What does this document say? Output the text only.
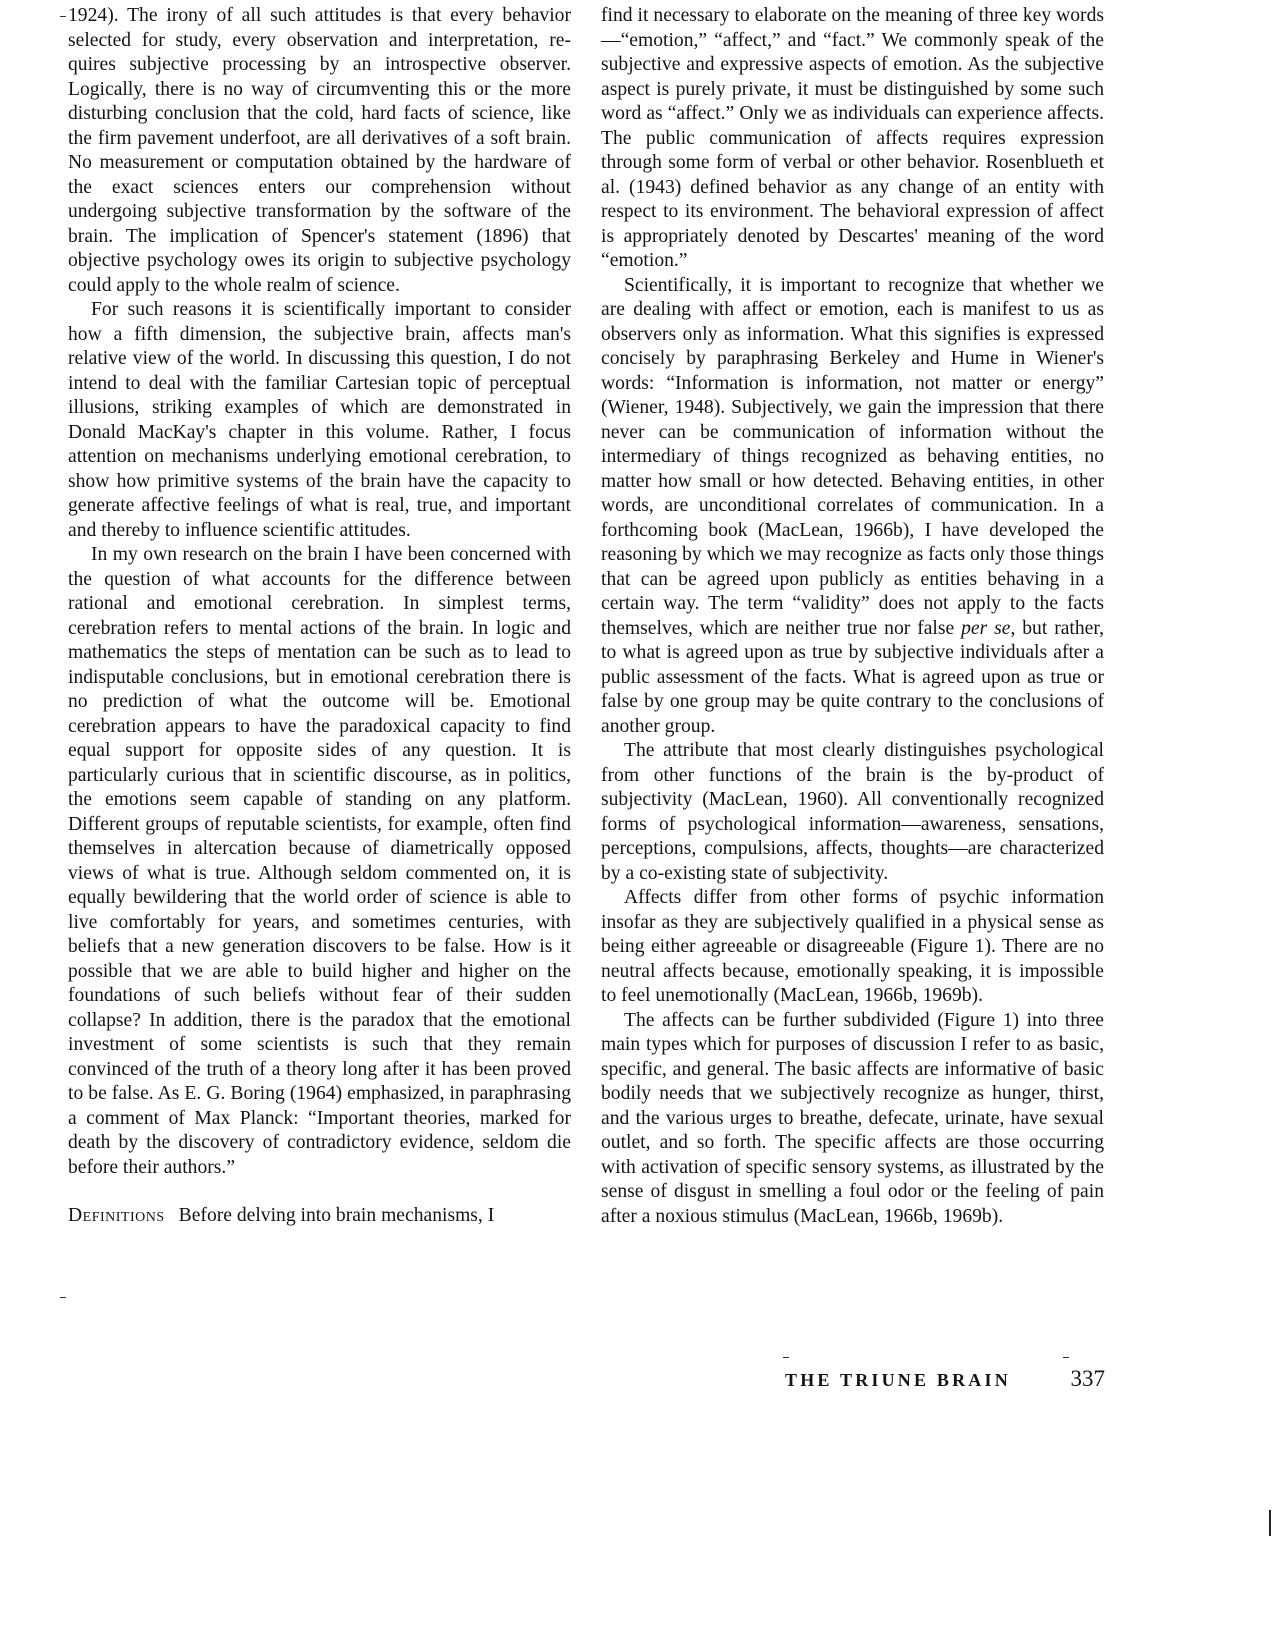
1924). The irony of all such attitudes is that every behavior selected for study, every observation and interpretation, requires subjective processing by an introspective observer. Logically, there is no way of circumventing this or the more disturbing conclusion that the cold, hard facts of science, like the firm pavement underfoot, are all derivatives of a soft brain. No measurement or computation obtained by the hardware of the exact sciences enters our comprehension without undergoing subjective transformation by the software of the brain. The implication of Spencer's statement (1896) that objective psychology owes its origin to subjective psychology could apply to the whole realm of science.

For such reasons it is scientifically important to consider how a fifth dimension, the subjective brain, affects man's relative view of the world. In discussing this question, I do not intend to deal with the familiar Cartesian topic of perceptual illusions, striking examples of which are demonstrated in Donald MacKay's chapter in this volume. Rather, I focus attention on mechanisms underlying emotional cerebration, to show how primitive systems of the brain have the capacity to generate affective feelings of what is real, true, and important and thereby to influence scientific attitudes.

In my own research on the brain I have been concerned with the question of what accounts for the difference between rational and emotional cerebration. In simplest terms, cerebration refers to mental actions of the brain. In logic and mathematics the steps of mentation can be such as to lead to indisputable conclusions, but in emotional cerebration there is no prediction of what the outcome will be. Emotional cerebration appears to have the paradoxical capacity to find equal support for opposite sides of any question. It is particularly curious that in scientific discourse, as in politics, the emotions seem capable of standing on any platform. Different groups of reputable scientists, for example, often find themselves in altercation because of diametrically opposed views of what is true. Although seldom commented on, it is equally bewildering that the world order of science is able to live comfortably for years, and sometimes centuries, with beliefs that a new generation discovers to be false. How is it possible that we are able to build higher and higher on the foundations of such beliefs without fear of their sudden collapse? In addition, there is the paradox that the emotional investment of some scientists is such that they remain convinced of the truth of a theory long after it has been proved to be false. As E. G. Boring (1964) emphasized, in paraphrasing a comment of Max Planck: “Important theories, marked for death by the discovery of contradictory evidence, seldom die before their authors.”

Definitions Before delving into brain mechanisms, I

find it necessary to elaborate on the meaning of three key words—“emotion,” “affect,” and “fact.” We commonly speak of the subjective and expressive aspects of emotion. As the subjective aspect is purely private, it must be distinguished by some such word as “affect.” Only we as individuals can experience affects. The public communication of affects requires expression through some form of verbal or other behavior. Rosenblueth et al. (1943) defined behavior as any change of an entity with respect to its environment. The behavioral expression of affect is appropriately denoted by Descartes' meaning of the word “emotion.”

Scientifically, it is important to recognize that whether we are dealing with affect or emotion, each is manifest to us as observers only as information. What this signifies is expressed concisely by paraphrasing Berkeley and Hume in Wiener's words: “Information is information, not matter or energy” (Wiener, 1948). Subjectively, we gain the impression that there never can be communication of information without the intermediary of things recognized as behaving entities, no matter how small or how detected. Behaving entities, in other words, are unconditional correlates of communication. In a forthcoming book (MacLean, 1966b), I have developed the reasoning by which we may recognize as facts only those things that can be agreed upon publicly as entities behaving in a certain way. The term “validity” does not apply to the facts themselves, which are neither true nor false per se, but rather, to what is agreed upon as true by subjective individuals after a public assessment of the facts. What is agreed upon as true or false by one group may be quite contrary to the conclusions of another group.

The attribute that most clearly distinguishes psychological from other functions of the brain is the by-product of subjectivity (MacLean, 1960). All conventionally recognized forms of psychological information—awareness, sensations, perceptions, compulsions, affects, thoughts—are characterized by a co-existing state of subjectivity.

Affects differ from other forms of psychic information insofar as they are subjectively qualified in a physical sense as being either agreeable or disagreeable (Figure 1). There are no neutral affects because, emotionally speaking, it is impossible to feel unemotionally (MacLean, 1966b, 1969b).

The affects can be further subdivided (Figure 1) into three main types which for purposes of discussion I refer to as basic, specific, and general. The basic affects are informative of basic bodily needs that we subjectively recognize as hunger, thirst, and the various urges to breathe, defecate, urinate, have sexual outlet, and so forth. The specific affects are those occurring with activation of specific sensory systems, as illustrated by the sense of disgust in smelling a foul odor or the feeling of pain after a noxious stimulus (MacLean, 1966b, 1969b).

THE TRIUNE BRAIN	337
